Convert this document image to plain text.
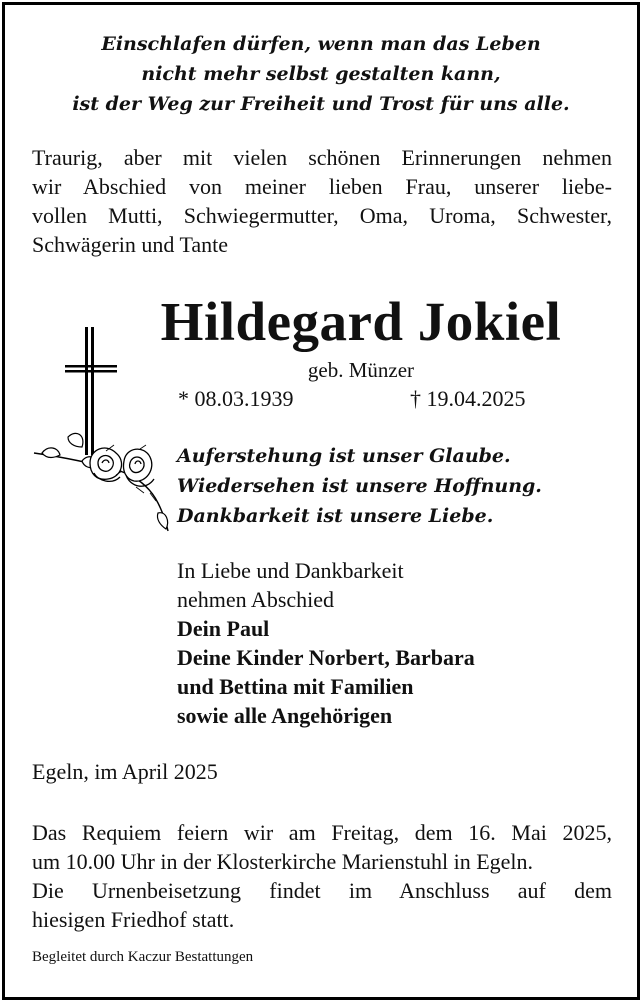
Einschlafen dürfen, wenn man das Leben
nicht mehr selbst gestalten kann,
ist der Weg zur Freiheit und Trost für uns alle.
Traurig, aber mit vielen schönen Erinnerungen nehmen
wir Abschied von meiner lieben Frau, unserer liebe-
vollen Mutti, Schwiegermutter, Oma, Uroma, Schwester,
Schwägerin und Tante
Hildegard Jokiel
geb. Münzer
* 08.03.1939	† 19.04.2025
Auferstehung ist unser Glaube.
Wiedersehen ist unsere Hoffnung.
Dankbarkeit ist unsere Liebe.
In Liebe und Dankbarkeit
nehmen Abschied
Dein Paul
Deine Kinder Norbert, Barbara
und Bettina mit Familien
sowie alle Angehörigen
Egeln, im April 2025
Das Requiem feiern wir am Freitag, dem 16. Mai 2025,
um 10.00 Uhr in der Klosterkirche Marienstuhl in Egeln.
Die Urnenbeisetzung findet im Anschluss auf dem
hiesigen Friedhof statt.
Begleitet durch Kaczur Bestattungen
